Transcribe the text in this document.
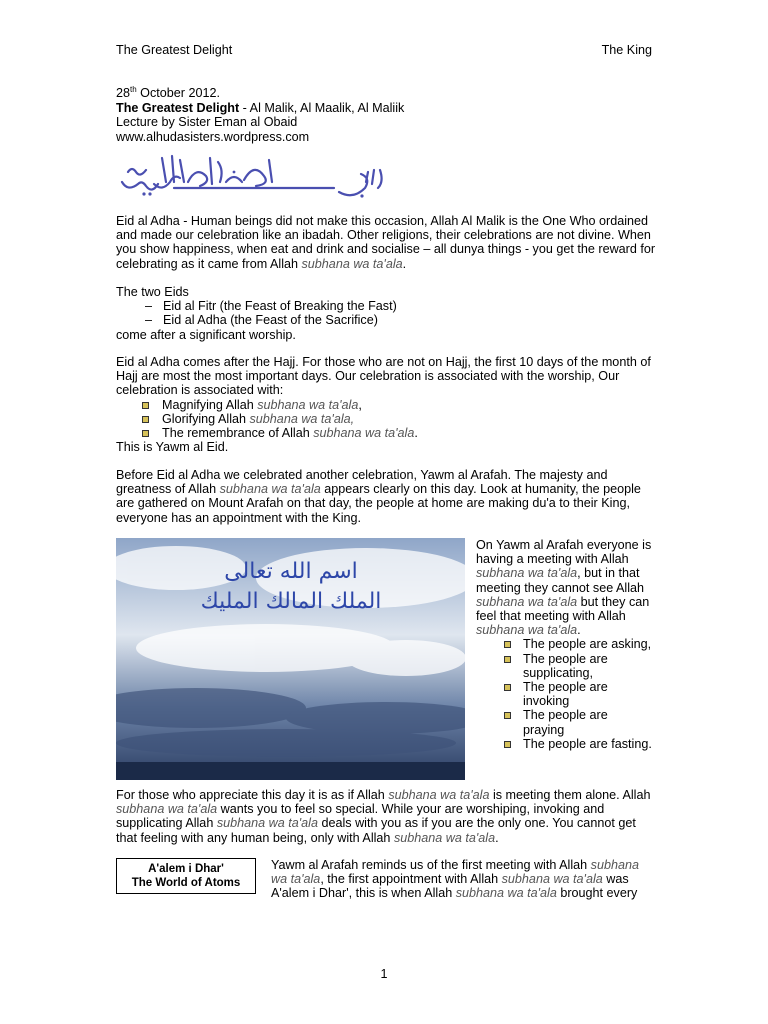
The Greatest Delight	The King
28th October 2012.
The Greatest Delight - Al Malik, Al Maalik, Al Maliik
Lecture by Sister Eman al Obaid
www.alhudasisters.wordpress.com

Eid al Adha - Human beings did not make this occasion, Allah Al Malik is the One Who ordained and made our celebration like an ibadah. Other religions, their celebrations are not divine. When you show happiness, when eat and drink and socialise – all dunya things - you get the reward for celebrating as it came from Allah subhana wa ta'ala.

The two Eids
– Eid al Fitr (the Feast of Breaking the Fast)
– Eid al Adha (the Feast of the Sacrifice)
come after a significant worship.
Eid al Adha comes after the Hajj. For those who are not on Hajj, the first 10 days of the month of Hajj are most the most important days. Our celebration is associated with the worship, Our celebration is associated with:
Magnifying Allah subhana wa ta'ala,
Glorifying Allah subhana wa ta'ala,
The remembrance of Allah subhana wa ta'ala.
This is Yawm al Eid.

Before Eid al Adha we celebrated another celebration, Yawm al Arafah. The majesty and greatness of Allah subhana wa ta'ala appears clearly on this day. Look at humanity, the people are gathered on Mount Arafah on that day, the people at home are making du'a to their King, everyone has an appointment with the King.

اسم الله تعالى
الملك المالك المليك
On Yawm al Arafah everyone is having a meeting with Allah subhana wa ta'ala, but in that meeting they cannot see Allah subhana wa ta'ala but they can feel that meeting with Allah subhana wa ta'ala.
The people are asking,
The people are supplicating,
The people are invoking
The people are praying
The people are fasting.

For those who appreciate this day it is as if Allah subhana wa ta'ala is meeting them alone. Allah subhana wa ta'ala wants you to feel so special. While your are worshiping, invoking and supplicating Allah subhana wa ta'ala deals with you as if you are the only one. You cannot get that feeling with any human being, only with Allah subhana wa ta'ala.

A'alem i Dhar'
The World of Atoms
Yawm al Arafah reminds us of the first meeting with Allah subhana wa ta'ala, the first appointment with Allah subhana wa ta'ala was A'alem i Dhar', this is when Allah subhana wa ta'ala brought every
1
